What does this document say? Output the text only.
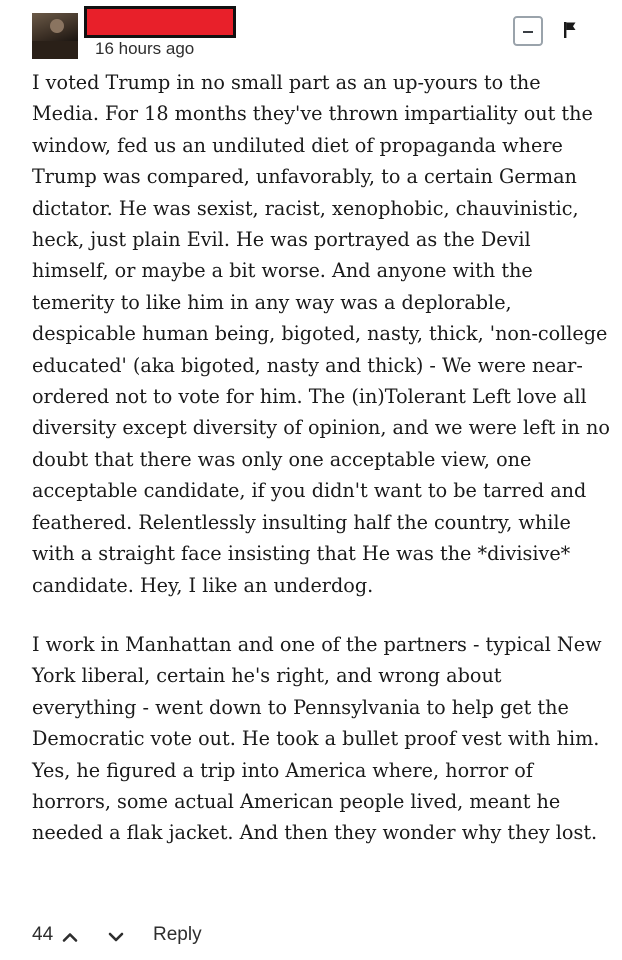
16 hours ago

I voted Trump in no small part as an up-yours to the Media. For 18 months they've thrown impartiality out the window, fed us an undiluted diet of propaganda where Trump was compared, unfavorably, to a certain German dictator. He was sexist, racist, xenophobic, chauvinistic, heck, just plain Evil. He was portrayed as the Devil himself, or maybe a bit worse. And anyone with the temerity to like him in any way was a deplorable, despicable human being, bigoted, nasty, thick, 'non-college educated' (aka bigoted, nasty and thick) - We were near-ordered not to vote for him. The (in)Tolerant Left love all diversity except diversity of opinion, and we were left in no doubt that there was only one acceptable view, one acceptable candidate, if you didn't want to be tarred and feathered. Relentlessly insulting half the country, while with a straight face insisting that He was the *divisive* candidate. Hey, I like an underdog.

I work in Manhattan and one of the partners - typical New York liberal, certain he's right, and wrong about everything - went down to Pennsylvania to help get the Democratic vote out. He took a bullet proof vest with him. Yes, he figured a trip into America where, horror of horrors, some actual American people lived, meant he needed a flak jacket. And then they wonder why they lost.

44	Reply
